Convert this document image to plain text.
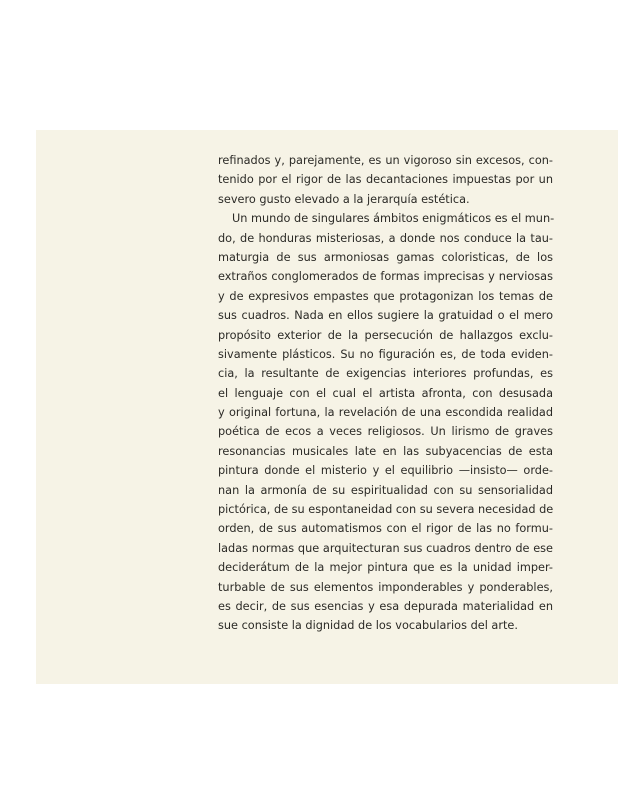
refinados y, parejamente, es un vigoroso sin excesos, con-
tenido por el rigor de las decantaciones impuestas por un
severo gusto elevado a la jerarquía estética.
Un mundo de singulares ámbitos enigmáticos es el mun-
do, de honduras misteriosas, a donde nos conduce la tau-
maturgia de sus armoniosas gamas coloristicas, de los
extraños conglomerados de formas imprecisas y nerviosas
y de expresivos empastes que protagonizan los temas de
sus cuadros. Nada en ellos sugiere la gratuidad o el mero
propósito exterior de la persecución de hallazgos exclu-
sivamente plásticos. Su no figuración es, de toda eviden-
cia, la resultante de exigencias interiores profundas, es
el lenguaje con el cual el artista afronta, con desusada
y original fortuna, la revelación de una escondida realidad
poética de ecos a veces religiosos. Un lirismo de graves
resonancias musicales late en las subyacencias de esta
pintura donde el misterio y el equilibrio —insisto— orde-
nan la armonía de su espiritualidad con su sensorialidad
pictórica, de su espontaneidad con su severa necesidad de
orden, de sus automatismos con el rigor de las no formu-
ladas normas que arquitecturan sus cuadros dentro de ese
deciderátum de la mejor pintura que es la unidad imper-
turbable de sus elementos imponderables y ponderables,
es decir, de sus esencias y esa depurada materialidad en
sue consiste la dignidad de los vocabularios del arte.
